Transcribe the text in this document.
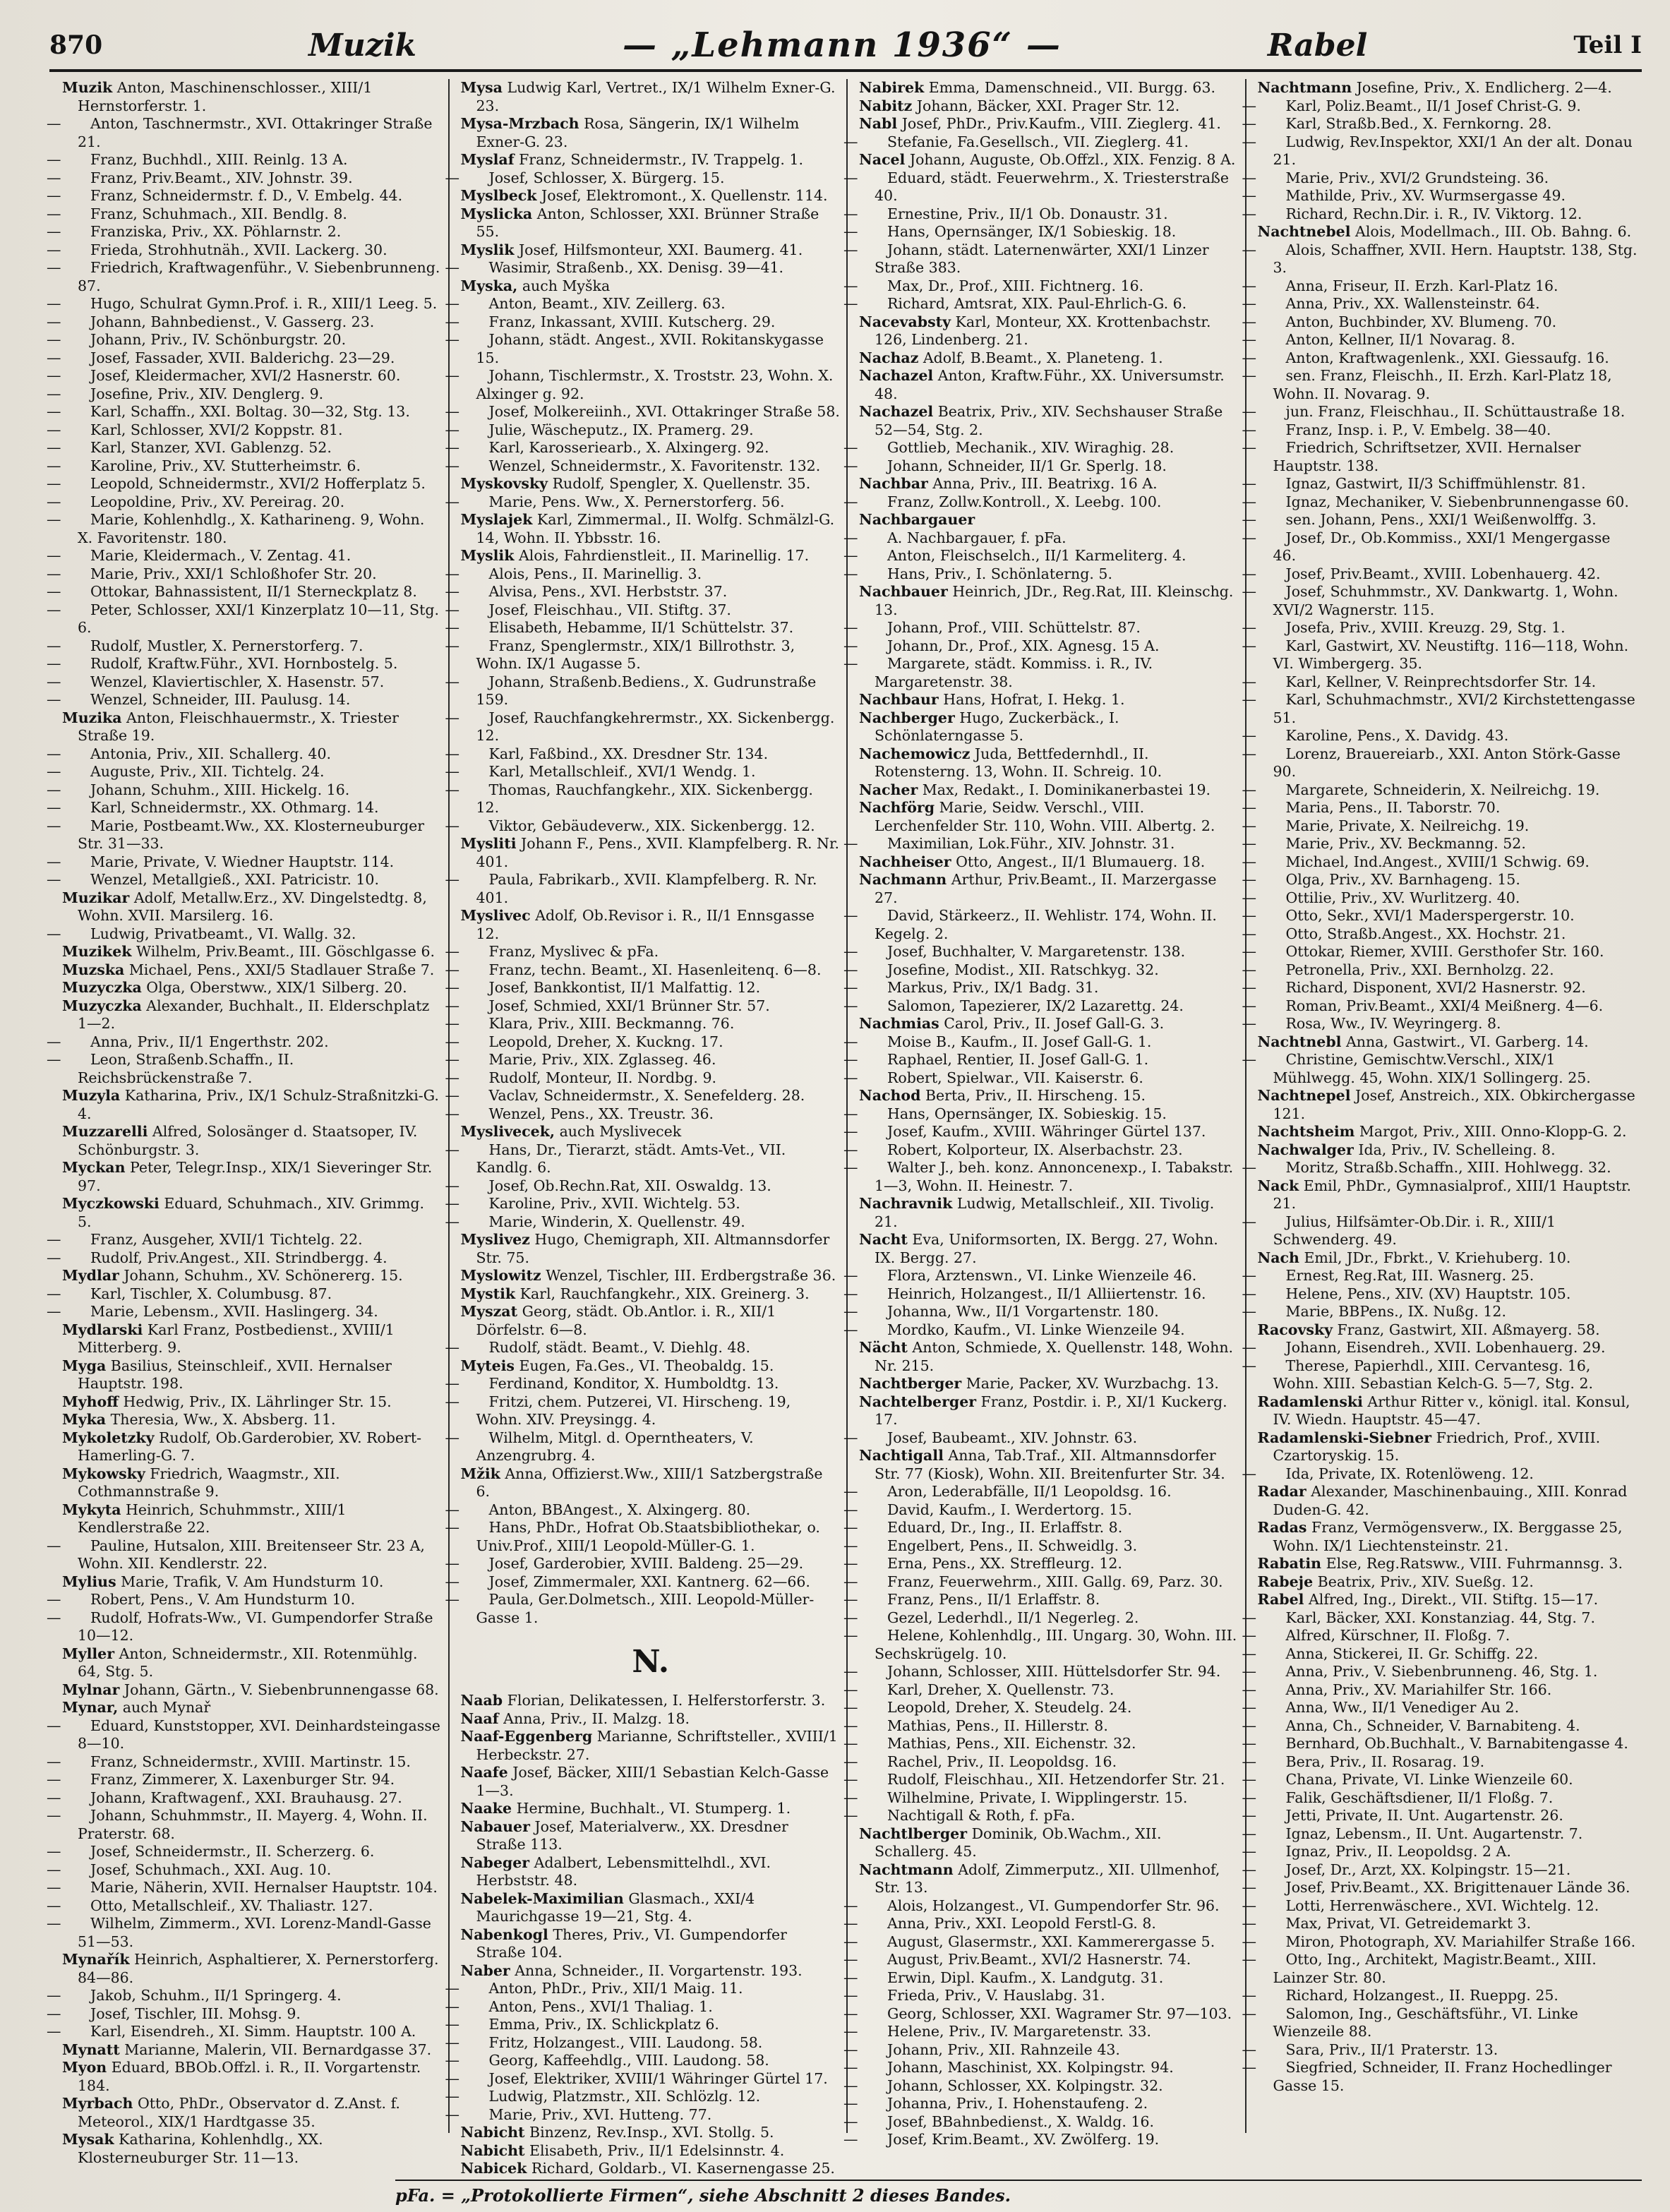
870	Muzik	— „Lehmann 1936“ —	Rabel	Teil I

Muzik Anton, Maschinenschlosser., XIII/1 Hernstorferstr. 1.

— Anton, Taschnermstr., XVI. Ottakringer Straße 21.

— Franz, Buchhdl., XIII. Reinlg. 13 A.

— Franz, Priv.Beamt., XIV. Johnstr. 39.

— Franz, Schneidermstr. f. D., V. Embelg. 44.

— Franz, Schuhmach., XII. Bendlg. 8.

— Franziska, Priv., XX. Pöhlarnstr. 2.

— Frieda, Strohhutnäh., XVII. Lackerg. 30.

— Friedrich, Kraftwagenführ., V. Siebenbrunneng. 87.

— Hugo, Schulrat Gymn.Prof. i. R., XIII/1 Leeg. 5.

— Johann, Bahnbedienst., V. Gasserg. 23.

— Johann, Priv., IV. Schönburgstr. 20.

— Josef, Fassader, XVII. Balderichg. 23—29.

— Josef, Kleidermacher, XVI/2 Hasnerstr. 60.

— Josefine, Priv., XIV. Denglerg. 9.

— Karl, Schaffn., XXI. Boltag. 30—32, Stg. 13.

— Karl, Schlosser, XVI/2 Koppstr. 81.

— Karl, Stanzer, XVI. Gablenzg. 52.

— Karoline, Priv., XV. Stutterheimstr. 6.

— Leopold, Schneidermstr., XVI/2 Hofferplatz 5.

— Leopoldine, Priv., XV. Pereirag. 20.

— Marie, Kohlenhdlg., X. Katharineng. 9, Wohn. X. Favoritenstr. 180.

— Marie, Kleidermach., V. Zentag. 41.

— Marie, Priv., XXI/1 Schloßhofer Str. 20.

— Ottokar, Bahnassistent, II/1 Sterneckplatz 8.

— Peter, Schlosser, XXI/1 Kinzerplatz 10—11, Stg. 6.

— Rudolf, Mustler, X. Pernerstorferg. 7.

— Rudolf, Kraftw.Führ., XVI. Hornbostelg. 5.

— Wenzel, Klaviertischler, X. Hasenstr. 57.

— Wenzel, Schneider, III. Paulusg. 14.

Muzika Anton, Fleischhauermstr., X. Triester Straße 19.

— Antonia, Priv., XII. Schallerg. 40.

— Auguste, Priv., XII. Tichtelg. 24.

— Johann, Schuhm., XIII. Hickelg. 16.

— Karl, Schneidermstr., XX. Othmarg. 14.

— Marie, Postbeamt.Ww., XX. Klosterneuburger Str. 31—33.

— Marie, Private, V. Wiedner Hauptstr. 114.

— Wenzel, Metallgieß., XXI. Patricistr. 10.

Muzikar Adolf, Metallw.Erz., XV. Dingelstedtg. 8, Wohn. XVII. Marsilerg. 16.

— Ludwig, Privatbeamt., VI. Wallg. 32.

Muzikek Wilhelm, Priv.Beamt., III. Göschlgasse 6.

Muzska Michael, Pens., XXI/5 Stadlauer Straße 7.

Muzyczka Olga, Oberstww., XIX/1 Silberg. 20.

Muzyczka Alexander, Buchhalt., II. Elderschplatz 1—2.

— Anna, Priv., II/1 Engerthstr. 202.

— Leon, Straßenb.Schaffn., II. Reichsbrückenstraße 7.

Muzyla Katharina, Priv., IX/1 Schulz-Straßnitzki-G. 4.

Muzzarelli Alfred, Solosänger d. Staatsoper, IV. Schönburgstr. 3.

Myckan Peter, Telegr.Insp., XIX/1 Sieveringer Str. 97.

Myczkowski Eduard, Schuhmach., XIV. Grimmg. 5.

— Franz, Ausgeher, XVII/1 Tichtelg. 22.

— Rudolf, Priv.Angest., XII. Strindbergg. 4.

Mydlar Johann, Schuhm., XV. Schönererg. 15.

— Karl, Tischler, X. Columbusg. 87.

— Marie, Lebensm., XVII. Haslingerg. 34.

Mydlarski Karl Franz, Postbedienst., XVIII/1 Mitterberg. 9.

Myga Basilius, Steinschleif., XVII. Hernalser Hauptstr. 198.

Myhoff Hedwig, Priv., IX. Lährlinger Str. 15.

Myka Theresia, Ww., X. Absberg. 11.

Mykoletzky Rudolf, Ob.Garderobier, XV. Robert-Hamerling-G. 7.

Mykowsky Friedrich, Waagmstr., XII. Cothmannstraße 9.

Mykyta Heinrich, Schuhmmstr., XIII/1 Kendlerstraße 22.

— Pauline, Hutsalon, XIII. Breitenseer Str. 23 A, Wohn. XII. Kendlerstr. 22.

Mylius Marie, Trafik, V. Am Hundsturm 10.

— Robert, Pens., V. Am Hundsturm 10.

— Rudolf, Hofrats-Ww., VI. Gumpendorfer Straße 10—12.

Myller Anton, Schneidermstr., XII. Rotenmühlg. 64, Stg. 5.

Mylnar Johann, Gärtn., V. Siebenbrunnengasse 68.

Mynar, auch Mynař

— Eduard, Kunststopper, XVI. Deinhardsteingasse 8—10.

— Franz, Schneidermstr., XVIII. Martinstr. 15.

— Franz, Zimmerer, X. Laxenburger Str. 94.

— Johann, Kraftwagenf., XXI. Brauhausg. 27.

— Johann, Schuhmmstr., II. Mayerg. 4, Wohn. II. Praterstr. 68.

— Josef, Schneidermstr., II. Scherzerg. 6.

— Josef, Schuhmach., XXI. Aug. 10.

— Marie, Näherin, XVII. Hernalser Hauptstr. 104.

— Otto, Metallschleif., XV. Thaliastr. 127.

— Wilhelm, Zimmerm., XVI. Lorenz-Mandl-Gasse 51—53.

Mynařík Heinrich, Asphaltierer, X. Pernerstorferg. 84—86.

— Jakob, Schuhm., II/1 Springerg. 4.

— Josef, Tischler, III. Mohsg. 9.

— Karl, Eisendreh., XI. Simm. Hauptstr. 100 A.

Mynatt Marianne, Malerin, VII. Bernardgasse 37.

Myon Eduard, BBOb.Offzl. i. R., II. Vorgartenstr. 184.

Myrbach Otto, PhDr., Observator d. Z.Anst. f. Meteorol., XIX/1 Hardtgasse 35.

Mysak Katharina, Kohlenhdlg., XX. Klosterneuburger Str. 11—13.

Mysa Ludwig Karl, Vertret., IX/1 Wilhelm Exner-G. 23.

Mysa-Mrzbach Rosa, Sängerin, IX/1 Wilhelm Exner-G. 23.

Myslaf Franz, Schneidermstr., IV. Trappelg. 1.

— Josef, Schlosser, X. Bürgerg. 15.

Myslbeck Josef, Elektromont., X. Quellenstr. 114.

Myslicka Anton, Schlosser, XXI. Brünner Straße 55.

Myslik Josef, Hilfsmonteur, XXI. Baumerg. 41.

— Wasimir, Straßenb., XX. Denisg. 39—41.

Myska, auch Myška

— Anton, Beamt., XIV. Zeillerg. 63.

— Franz, Inkassant, XVIII. Kutscherg. 29.

— Johann, städt. Angest., XVII. Rokitanskygasse 15.

— Johann, Tischlermstr., X. Troststr. 23, Wohn. X. Alxinger g. 92.

— Josef, Molkereiinh., XVI. Ottakringer Straße 58.

— Julie, Wäscheputz., IX. Pramerg. 29.

— Karl, Karosseriearb., X. Alxingerg. 92.

— Wenzel, Schneidermstr., X. Favoritenstr. 132.

Myskovsky Rudolf, Spengler, X. Quellenstr. 35.

— Marie, Pens. Ww., X. Pernerstorferg. 56.

Myslajek Karl, Zimmermal., II. Wolfg. Schmälzl-G. 14, Wohn. II. Ybbsstr. 16.

Myslik Alois, Fahrdienstleit., II. Marinellig. 17.

— Alois, Pens., II. Marinellig. 3.

— Alvisa, Pens., XVI. Herbststr. 37.

— Josef, Fleischhau., VII. Stiftg. 37.

— Elisabeth, Hebamme, II/1 Schüttelstr. 37.

— Franz, Spenglermstr., XIX/1 Billrothstr. 3, Wohn. IX/1 Augasse 5.

— Johann, Straßenb.Bediens., X. Gudrunstraße 159.

— Josef, Rauchfangkehrermstr., XX. Sickenbergg. 12.

— Karl, Faßbind., XX. Dresdner Str. 134.

— Karl, Metallschleif., XVI/1 Wendg. 1.

— Thomas, Rauchfangkehr., XIX. Sickenbergg. 12.

— Viktor, Gebäudeverw., XIX. Sickenbergg. 12.

Mysliti Johann F., Pens., XVII. Klampfelberg. R. Nr. 401.

— Paula, Fabrikarb., XVII. Klampfelberg. R. Nr. 401.

Myslivec Adolf, Ob.Revisor i. R., II/1 Ennsgasse 12.

— Franz, Myslivec & pFa.

— Franz, techn. Beamt., XI. Hasenleitenq. 6—8.

— Josef, Bankkontist, II/1 Malfattig. 12.

— Josef, Schmied, XXI/1 Brünner Str. 57.

— Klara, Priv., XIII. Beckmanng. 76.

— Leopold, Dreher, X. Kuckng. 17.

— Marie, Priv., XIX. Zglasseg. 46.

— Rudolf, Monteur, II. Nordbg. 9.

— Vaclav, Schneidermstr., X. Senefelderg. 28.

— Wenzel, Pens., XX. Treustr. 36.

Myslivecek, auch Myslivecek

— Hans, Dr., Tierarzt, städt. Amts-Vet., VII. Kandlg. 6.

— Josef, Ob.Rechn.Rat, XII. Oswaldg. 13.

— Karoline, Priv., XVII. Wichtelg. 53.

— Marie, Winderin, X. Quellenstr. 49.

Myslivez Hugo, Chemigraph, XII. Altmannsdorfer Str. 75.

Myslowitz Wenzel, Tischler, III. Erdbergstraße 36.

Mystik Karl, Rauchfangkehr., XIX. Greinerg. 3.

Myszat Georg, städt. Ob.Antlor. i. R., XII/1 Dörfelstr. 6—8.

— Rudolf, städt. Beamt., V. Diehlg. 48.

Myteis Eugen, Fa.Ges., VI. Theobaldg. 15.

— Ferdinand, Konditor, X. Humboldtg. 13.

— Fritzi, chem. Putzerei, VI. Hirscheng. 19, Wohn. XIV. Preysingg. 4.

— Wilhelm, Mitgl. d. Operntheaters, V. Anzengrubrg. 4.

Mžik Anna, Offizierst.Ww., XIII/1 Satzbergstraße 6.

— Anton, BBAngest., X. Alxingerg. 80.

— Hans, PhDr., Hofrat Ob.Staatsbibliothekar, o. Univ.Prof., XIII/1 Leopold-Müller-G. 1.

— Josef, Garderobier, XVIII. Baldeng. 25—29.

— Josef, Zimmermaler, XXI. Kantnerg. 62—66.

— Paula, Ger.Dolmetsch., XIII. Leopold-Müller-Gasse 1.

N.

Naab Florian, Delikatessen, I. Helferstorferstr. 3.

Naaf Anna, Priv., II. Malzg. 18.

Naaf-Eggenberg Marianne, Schriftsteller., XVIII/1 Herbeckstr. 27.

Naafe Josef, Bäcker, XIII/1 Sebastian Kelch-Gasse 1—3.

Naake Hermine, Buchhalt., VI. Stumperg. 1.

Nabauer Josef, Materialverw., XX. Dresdner Straße 113.

Nabeger Adalbert, Lebensmittelhdl., XVI. Herbststr. 48.

Nabelek-Maximilian Glasmach., XXI/4 Maurichgasse 19—21, Stg. 4.

Nabenkogl Theres, Priv., VI. Gumpendorfer Straße 104.

Naber Anna, Schneider., II. Vorgartenstr. 193.

— Anton, PhDr., Priv., XII/1 Maig. 11.

— Anton, Pens., XVI/1 Thaliag. 1.

— Emma, Priv., IX. Schlickplatz 6.

— Fritz, Holzangest., VIII. Laudong. 58.

— Georg, Kaffeehdlg., VIII. Laudong. 58.

— Josef, Elektriker, XVIII/1 Währinger Gürtel 17.

— Ludwig, Platzmstr., XII. Schlözlg. 12.

— Marie, Priv., XVI. Hutteng. 77.

Nabicht Binzenz, Rev.Insp., XVI. Stollg. 5.

Nabicht Elisabeth, Priv., II/1 Edelsinnstr. 4.

Nabicek Richard, Goldarb., VI. Kasernengasse 25.

Nabirek Emma, Damenschneid., VII. Burgg. 63.

Nabitz Johann, Bäcker, XXI. Prager Str. 12.

Nabl Josef, PhDr., Priv.Kaufm., VIII. Zieglerg. 41.

— Stefanie, Fa.Gesellsch., VII. Zieglerg. 41.

Nacel Johann, Auguste, Ob.Offzl., XIX. Fenzig. 8 A.

— Eduard, städt. Feuerwehrm., X. Triesterstraße 40.

— Ernestine, Priv., II/1 Ob. Donaustr. 31.

— Hans, Opernsänger, IX/1 Sobieskig. 18.

— Johann, städt. Laternenwärter, XXI/1 Linzer Straße 383.

— Max, Dr., Prof., XIII. Fichtnerg. 16.

— Richard, Amtsrat, XIX. Paul-Ehrlich-G. 6.

Nacevabsty Karl, Monteur, XX. Krottenbachstr. 126, Lindenberg. 21.

Nachaz Adolf, B.Beamt., X. Planeteng. 1.

Nachazel Anton, Kraftw.Führ., XX. Universumstr. 48.

Nachazel Beatrix, Priv., XIV. Sechshauser Straße 52—54, Stg. 2.

— Gottlieb, Mechanik., XIV. Wiraghig. 28.

— Johann, Schneider, II/1 Gr. Sperlg. 18.

Nachbar Anna, Priv., III. Beatrixg. 16 A.

— Franz, Zollw.Kontroll., X. Leebg. 100.

Nachbargauer

— A. Nachbargauer, f. pFa.

— Anton, Fleischselch., II/1 Karmeliterg. 4.

— Hans, Priv., I. Schönlaterng. 5.

Nachbauer Heinrich, JDr., Reg.Rat, III. Kleinschg. 13.

— Johann, Prof., VIII. Schüttelstr. 87.

— Johann, Dr., Prof., XIX. Agnesg. 15 A.

— Margarete, städt. Kommiss. i. R., IV. Margaretenstr. 38.

Nachbaur Hans, Hofrat, I. Hekg. 1.

Nachberger Hugo, Zuckerbäck., I. Schönlaterngasse 5.

Nachemowicz Juda, Bettfedernhdl., II. Rotensterng. 13, Wohn. II. Schreig. 10.

Nacher Max, Redakt., I. Dominikanerbastei 19.

Nachförg Marie, Seidw. Verschl., VIII. Lerchenfelder Str. 110, Wohn. VIII. Albertg. 2.

— Maximilian, Lok.Führ., XIV. Johnstr. 31.

Nachheiser Otto, Angest., II/1 Blumauerg. 18.

Nachmann Arthur, Priv.Beamt., II. Marzergasse 27.

— David, Stärkeerz., II. Wehlistr. 174, Wohn. II. Kegelg. 2.

— Josef, Buchhalter, V. Margaretenstr. 138.

— Josefine, Modist., XII. Ratschkyg. 32.

— Markus, Priv., IX/1 Badg. 31.

— Salomon, Tapezierer, IX/2 Lazarettg. 24.

Nachmias Carol, Priv., II. Josef Gall-G. 3.

— Moise B., Kaufm., II. Josef Gall-G. 1.

— Raphael, Rentier, II. Josef Gall-G. 1.

— Robert, Spielwar., VII. Kaiserstr. 6.

Nachod Berta, Priv., II. Hirscheng. 15.

— Hans, Opernsänger, IX. Sobieskig. 15.

— Josef, Kaufm., XVIII. Währinger Gürtel 137.

— Robert, Kolporteur, IX. Alserbachstr. 23.

— Walter J., beh. konz. Annoncenexp., I. Tabakstr. 1—3, Wohn. II. Heinestr. 7.

Nachravnik Ludwig, Metallschleif., XII. Tivolig. 21.

Nacht Eva, Uniformsorten, IX. Bergg. 27, Wohn. IX. Bergg. 27.

— Flora, Arztenswn., VI. Linke Wienzeile 46.

— Heinrich, Holzangest., II/1 Alliiertenstr. 16.

— Johanna, Ww., II/1 Vorgartenstr. 180.

— Mordko, Kaufm., VI. Linke Wienzeile 94.

Nächt Anton, Schmiede, X. Quellenstr. 148, Wohn. Nr. 215.

Nachtberger Marie, Packer, XV. Wurzbachg. 13.

Nachtelberger Franz, Postdir. i. P., XI/1 Kuckerg. 17.

— Josef, Baubeamt., XIV. Johnstr. 63.

Nachtigall Anna, Tab.Traf., XII. Altmannsdorfer Str. 77 (Kiosk), Wohn. XII. Breitenfurter Str. 34.

— Aron, Lederabfälle, II/1 Leopoldsg. 16.

— David, Kaufm., I. Werdertorg. 15.

— Eduard, Dr., Ing., II. Erlaffstr. 8.

— Engelbert, Pens., II. Schweidlg. 3.

— Erna, Pens., XX. Streffleurg. 12.

— Franz, Feuerwehrm., XIII. Gallg. 69, Parz. 30.

— Franz, Pens., II/1 Erlaffstr. 8.

— Gezel, Lederhdl., II/1 Negerleg. 2.

— Helene, Kohlenhdlg., III. Ungarg. 30, Wohn. III. Sechskrügelg. 10.

— Johann, Schlosser, XIII. Hüttelsdorfer Str. 94.

— Karl, Dreher, X. Quellenstr. 73.

— Leopold, Dreher, X. Steudelg. 24.

— Mathias, Pens., II. Hillerstr. 8.

— Mathias, Pens., XII. Eichenstr. 32.

— Rachel, Priv., II. Leopoldsg. 16.

— Rudolf, Fleischhau., XII. Hetzendorfer Str. 21.

— Wilhelmine, Private, I. Wipplingerstr. 15.

— Nachtigall & Roth, f. pFa.

Nachtlberger Dominik, Ob.Wachm., XII. Schallerg. 45.

Nachtmann Adolf, Zimmerputz., XII. Ullmenhof, Str. 13.

— Alois, Holzangest., VI. Gumpendorfer Str. 96.

— Anna, Priv., XXI. Leopold Ferstl-G. 8.

— August, Glasermstr., XXI. Kammerergasse 5.

— August, Priv.Beamt., XVI/2 Hasnerstr. 74.

— Erwin, Dipl. Kaufm., X. Landgutg. 31.

— Frieda, Priv., V. Hauslabg. 31.

— Georg, Schlosser, XXI. Wagramer Str. 97—103.

— Helene, Priv., IV. Margaretenstr. 33.

— Johann, Priv., XII. Rahnzeile 43.

— Johann, Maschinist, XX. Kolpingstr. 94.

— Johann, Schlosser, XX. Kolpingstr. 32.

— Johanna, Priv., I. Hohenstaufeng. 2.

— Josef, BBahnbedienst., X. Waldg. 16.

— Josef, Krim.Beamt., XV. Zwölferg. 19.

Nachtmann Josefine, Priv., X. Endlicherg. 2—4.

— Karl, Poliz.Beamt., II/1 Josef Christ-G. 9.

— Karl, Straßb.Bed., X. Fernkorng. 28.

— Ludwig, Rev.Inspektor, XXI/1 An der alt. Donau 21.

— Marie, Priv., XVI/2 Grundsteing. 36.

— Mathilde, Priv., XV. Wurmsergasse 49.

— Richard, Rechn.Dir. i. R., IV. Viktorg. 12.

Nachtnebel Alois, Modellmach., III. Ob. Bahng. 6.

— Alois, Schaffner, XVII. Hern. Hauptstr. 138, Stg. 3.

— Anna, Friseur, II. Erzh. Karl-Platz 16.

— Anna, Priv., XX. Wallensteinstr. 64.

— Anton, Buchbinder, XV. Blumeng. 70.

— Anton, Kellner, II/1 Novarag. 8.

— Anton, Kraftwagenlenk., XXI. Giessaufg. 16.

— sen. Franz, Fleischh., II. Erzh. Karl-Platz 18, Wohn. II. Novarag. 9.

— jun. Franz, Fleischhau., II. Schüttaustraße 18.

— Franz, Insp. i. P., V. Embelg. 38—40.

— Friedrich, Schriftsetzer, XVII. Hernalser Hauptstr. 138.

— Ignaz, Gastwirt, II/3 Schiffmühlenstr. 81.

— Ignaz, Mechaniker, V. Siebenbrunnengasse 60.

— sen. Johann, Pens., XXI/1 Weißenwolffg. 3.

— Josef, Dr., Ob.Kommiss., XXI/1 Mengergasse 46.

— Josef, Priv.Beamt., XVIII. Lobenhauerg. 42.

— Josef, Schuhmmstr., XV. Dankwartg. 1, Wohn. XVI/2 Wagnerstr. 115.

— Josefa, Priv., XVIII. Kreuzg. 29, Stg. 1.

— Karl, Gastwirt, XV. Neustiftg. 116—118, Wohn. VI. Wimbergerg. 35.

— Karl, Kellner, V. Reinprechtsdorfer Str. 14.

— Karl, Schuhmachmstr., XVI/2 Kirchstettengasse 51.

— Karoline, Pens., X. Davidg. 43.

— Lorenz, Brauereiarb., XXI. Anton Störk-Gasse 90.

— Margarete, Schneiderin, X. Neilreichg. 19.

— Maria, Pens., II. Taborstr. 70.

— Marie, Private, X. Neilreichg. 19.

— Marie, Priv., XV. Beckmanng. 52.

— Michael, Ind.Angest., XVIII/1 Schwig. 69.

— Olga, Priv., XV. Barnhageng. 15.

— Ottilie, Priv., XV. Wurlitzerg. 40.

— Otto, Sekr., XVI/1 Maderspergerstr. 10.

— Otto, Straßb.Angest., XX. Hochstr. 21.

— Ottokar, Riemer, XVIII. Gersthofer Str. 160.

— Petronella, Priv., XXI. Bernholzg. 22.

— Richard, Disponent, XVI/2 Hasnerstr. 92.

— Roman, Priv.Beamt., XXI/4 Meißnerg. 4—6.

— Rosa, Ww., IV. Weyringerg. 8.

Nachtnebl Anna, Gastwirt., VI. Garberg. 14.

— Christine, Gemischtw.Verschl., XIX/1 Mühlwegg. 45, Wohn. XIX/1 Sollingerg. 25.

Nachtnepel Josef, Anstreich., XIX. Obkirchergasse 121.

Nachtsheim Margot, Priv., XIII. Onno-Klopp-G. 2.

Nachwalger Ida, Priv., IV. Schelleing. 8.

— Moritz, Straßb.Schaffn., XIII. Hohlwegg. 32.

Nack Emil, PhDr., Gymnasialprof., XIII/1 Hauptstr. 21.

— Julius, Hilfsämter-Ob.Dir. i. R., XIII/1 Schwenderg. 49.

Nach Emil, JDr., Fbrkt., V. Kriehuberg. 10.

— Ernest, Reg.Rat, III. Wasnerg. 25.

— Helene, Pens., XIV. (XV) Hauptstr. 105.

— Marie, BBPens., IX. Nußg. 12.

Racovsky Franz, Gastwirt, XII. Aßmayerg. 58.

— Johann, Eisendreh., XVII. Lobenhauerg. 29.

— Therese, Papierhdl., XIII. Cervantesg. 16, Wohn. XIII. Sebastian Kelch-G. 5—7, Stg. 2.

Radamlenski Arthur Ritter v., königl. ital. Konsul, IV. Wiedn. Hauptstr. 45—47.

Radamlenski-Siebner Friedrich, Prof., XVIII. Czartoryskig. 15.

— Ida, Private, IX. Rotenlöweng. 12.

Radar Alexander, Maschinenbauing., XIII. Konrad Duden-G. 42.

Radas Franz, Vermögensverw., IX. Berggasse 25, Wohn. IX/1 Liechtensteinstr. 21.

Rabatin Else, Reg.Ratsww., VIII. Fuhrmannsg. 3.

Rabeje Beatrix, Priv., XIV. Sueßg. 12.

Rabel Alfred, Ing., Direkt., VII. Stiftg. 15—17.

— Karl, Bäcker, XXI. Konstanziag. 44, Stg. 7.

— Alfred, Kürschner, II. Floßg. 7.

— Anna, Stickerei, II. Gr. Schiffg. 22.

— Anna, Priv., V. Siebenbrunneng. 46, Stg. 1.

— Anna, Priv., XV. Mariahilfer Str. 166.

— Anna, Ww., II/1 Venediger Au 2.

— Anna, Ch., Schneider, V. Barnabiteng. 4.

— Bernhard, Ob.Buchhalt., V. Barnabitengasse 4.

— Bera, Priv., II. Rosarag. 19.

— Chana, Private, VI. Linke Wienzeile 60.

— Falik, Geschäftsdiener, II/1 Floßg. 7.

— Jetti, Private, II. Unt. Augartenstr. 26.

— Ignaz, Lebensm., II. Unt. Augartenstr. 7.

— Ignaz, Priv., II. Leopoldsg. 2 A.

— Josef, Dr., Arzt, XX. Kolpingstr. 15—21.

— Josef, Priv.Beamt., XX. Brigittenauer Lände 36.

— Lotti, Herrenwäschere., XVI. Wichtelg. 12.

— Max, Privat, VI. Getreidemarkt 3.

— Miron, Photograph, XV. Mariahilfer Straße 166.

— Otto, Ing., Architekt, Magistr.Beamt., XIII. Lainzer Str. 80.

— Richard, Holzangest., II. Rueppg. 25.

— Salomon, Ing., Geschäftsführ., VI. Linke Wienzeile 88.

— Sara, Priv., II/1 Praterstr. 13.

— Siegfried, Schneider, II. Franz Hochedlinger Gasse 15.

pFa. = „Protokollierte Firmen“, siehe Abschnitt 2 dieses Bandes.
